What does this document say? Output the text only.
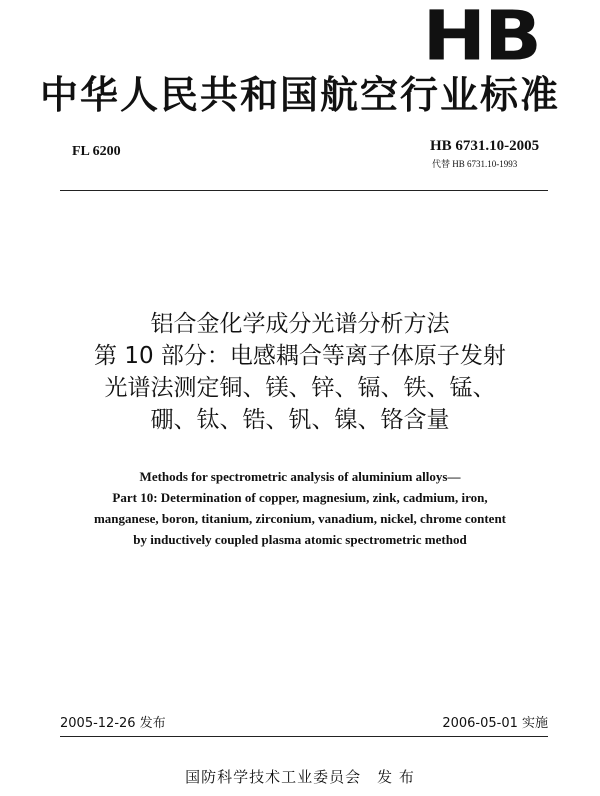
HB
中华人民共和国航空行业标准
FL 6200	HB 6731.10-2005
代替 HB 6731.10-1993
铝合金化学成分光谱分析方法
第 10 部分：电感耦合等离子体原子发射
光谱法测定铜、镁、锌、镉、铁、锰、
硼、钛、锆、钒、镍、铬含量
Methods for spectrometric analysis of aluminium alloys—
Part 10: Determination of copper, magnesium, zink, cadmium, iron,
manganese, boron, titanium, zirconium, vanadium, nickel, chrome content
by inductively coupled plasma atomic spectrometric method
2005-12-26 发布	2006-05-01 实施
国防科学技术工业委员会　发 布
